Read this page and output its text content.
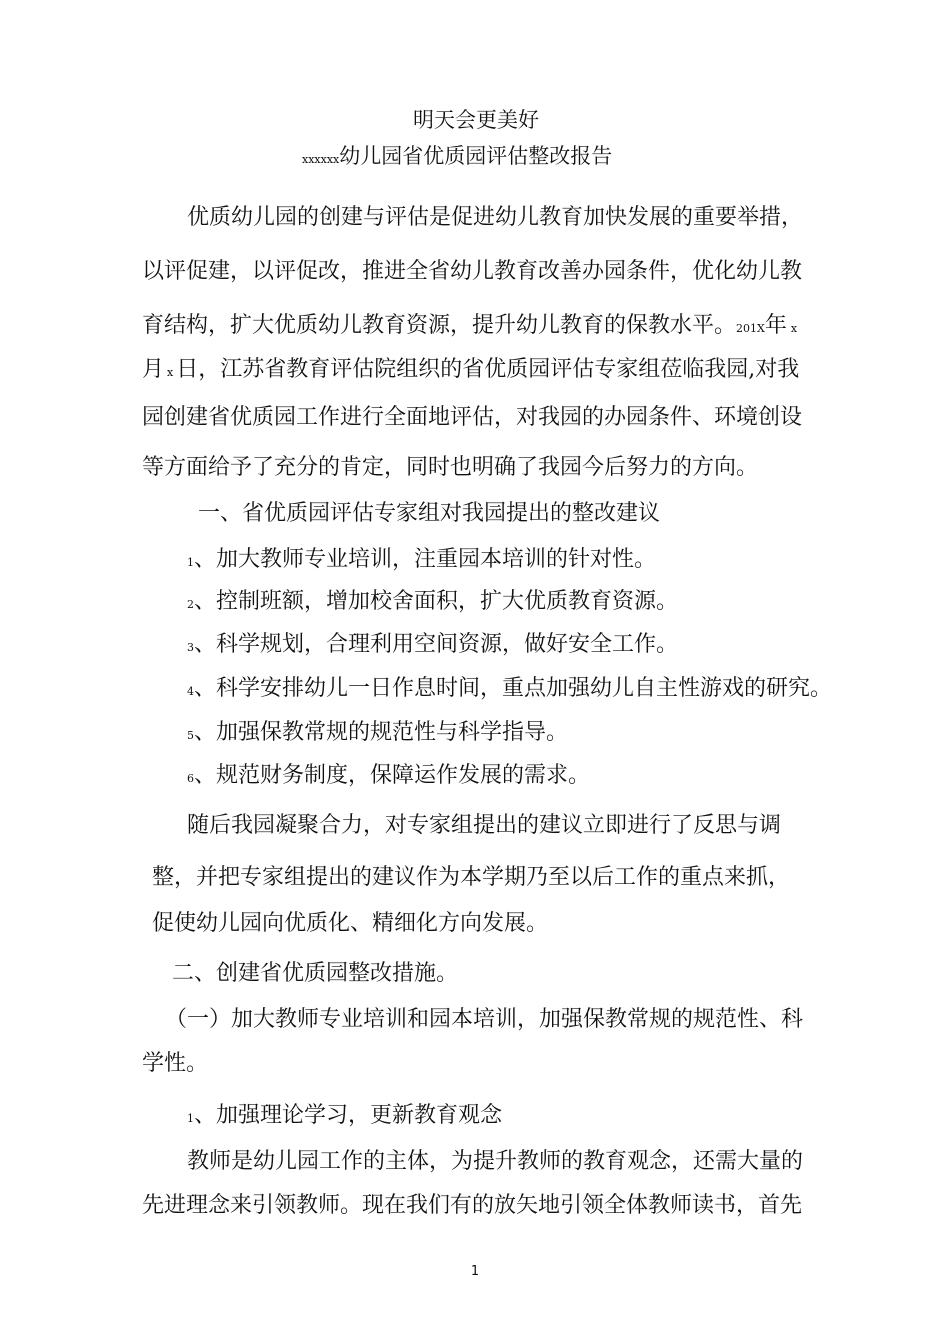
明天会更美好
xxxxxx幼儿园省优质园评估整改报告
优质幼儿园的创建与评估是促进幼儿教育加快发展的重要举措，
以评促建，以评促改，推进全省幼儿教育改善办园条件，优化幼儿教
育结构，扩大优质幼儿教育资源，提升幼儿教育的保教水平。201X年 x
月x 日，江苏省教育评估院组织的省优质园评估专家组莅临我园,对我
园创建省优质园工作进行全面地评估，对我园的办园条件、环境创设
等方面给予了充分的肯定，同时也明确了我园今后努力的方向。
一、省优质园评估专家组对我园提出的整改建议
1、加大教师专业培训，注重园本培训的针对性。
2、控制班额，增加校舍面积，扩大优质教育资源。
3、科学规划，合理利用空间资源，做好安全工作。
4、科学安排幼儿一日作息时间，重点加强幼儿自主性游戏的研究。
5、加强保教常规的规范性与科学指导。
6、规范财务制度，保障运作发展的需求。
随后我园凝聚合力，对专家组提出的建议立即进行了反思与调
整，并把专家组提出的建议作为本学期乃至以后工作的重点来抓，
促使幼儿园向优质化、精细化方向发展。
二、创建省优质园整改措施。
（一）加大教师专业培训和园本培训，加强保教常规的规范性、科
学性。
1、加强理论学习，更新教育观念
教师是幼儿园工作的主体，为提升教师的教育观念，还需大量的
先进理念来引领教师。现在我们有的放矢地引领全体教师读书，首先
1
